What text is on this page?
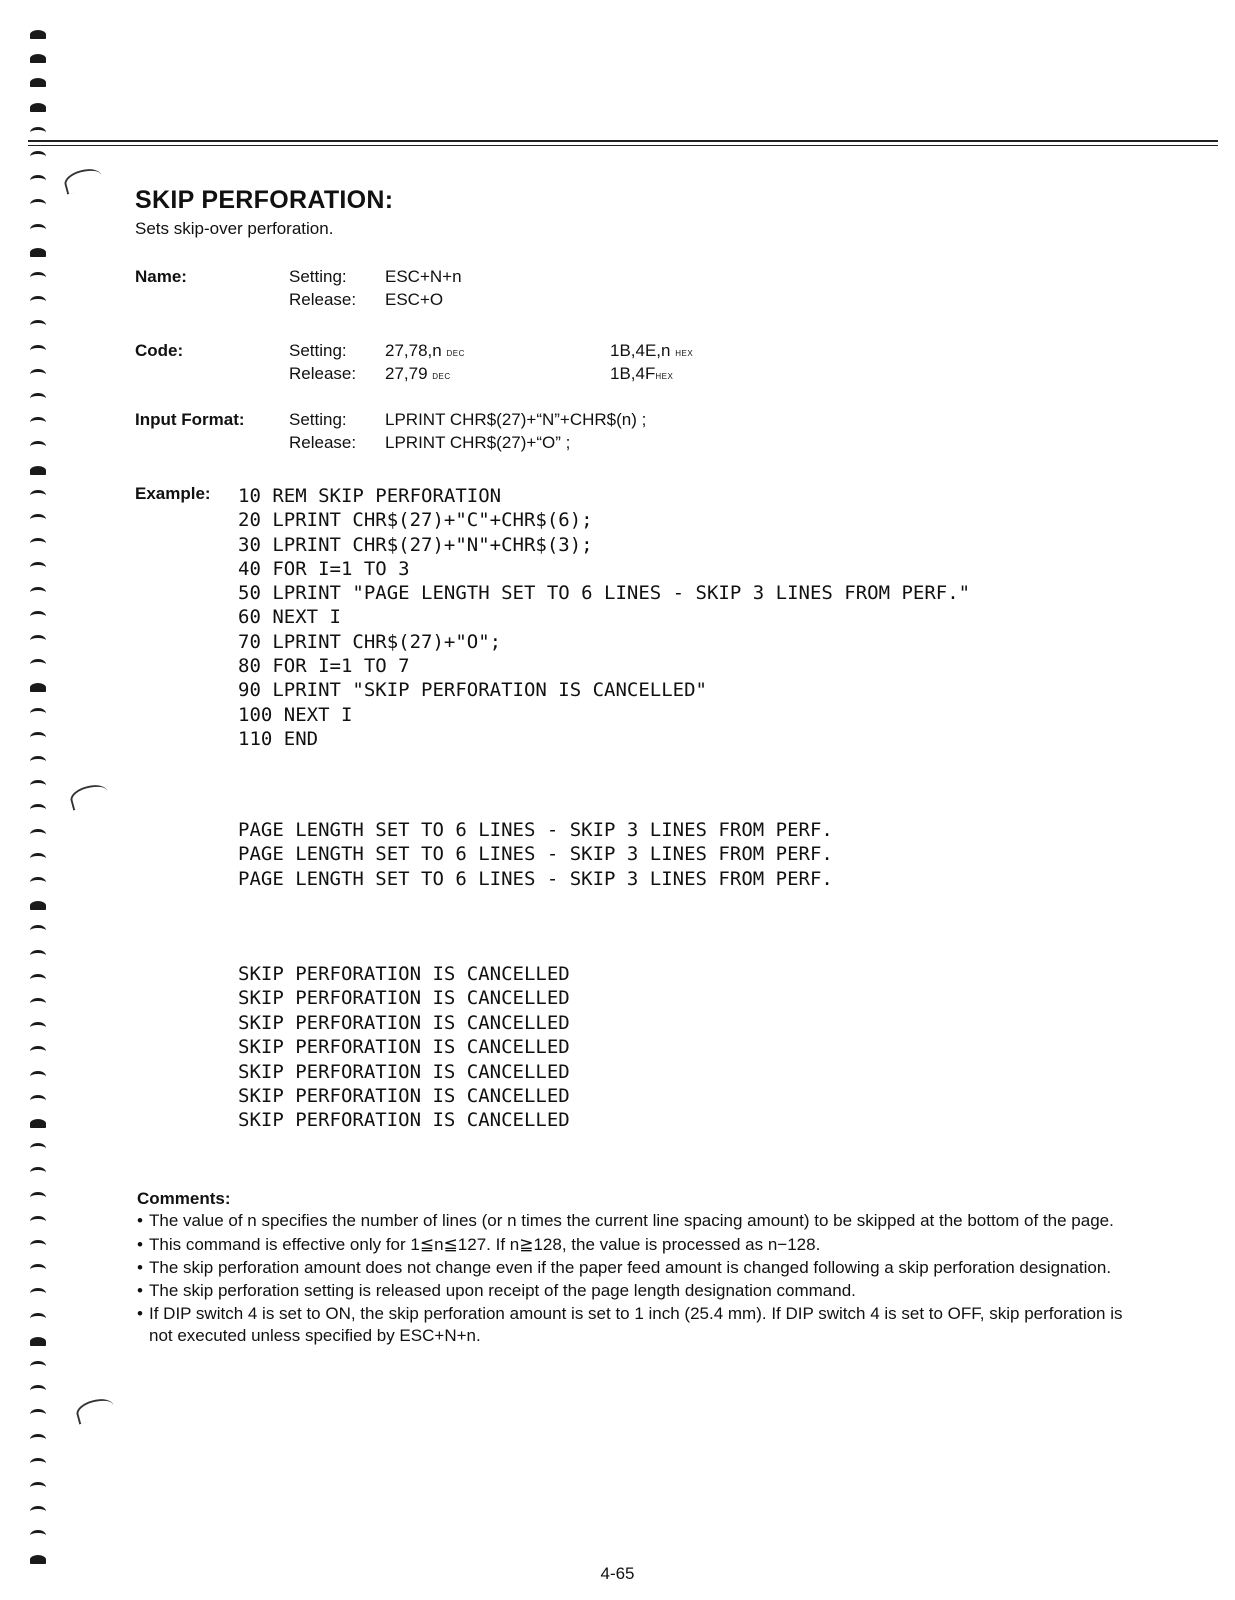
SKIP PERFORATION:
Sets skip-over perforation.
Name:	Setting: ESC+N+n
Release: ESC+O
Code:	Setting: 27,78,n DEC	1B,4E,n HEX
Release: 27,79 DEC	1B,4FHEX
Input Format:	Setting: LPRINT CHR$(27)+“N”+CHR$(n) ;
Release: LPRINT CHR$(27)+“O” ;
Example: 10 REM SKIP PERFORATION
20 LPRINT CHR$(27)+"C"+CHR$(6);
30 LPRINT CHR$(27)+"N"+CHR$(3);
40 FOR I=1 TO 3
50 LPRINT "PAGE LENGTH SET TO 6 LINES - SKIP 3 LINES FROM PERF."
60 NEXT I
70 LPRINT CHR$(27)+"O";
80 FOR I=1 TO 7
90 LPRINT "SKIP PERFORATION IS CANCELLED"
100 NEXT I
110 END
PAGE LENGTH SET TO 6 LINES - SKIP 3 LINES FROM PERF.
PAGE LENGTH SET TO 6 LINES - SKIP 3 LINES FROM PERF.
PAGE LENGTH SET TO 6 LINES - SKIP 3 LINES FROM PERF.
SKIP PERFORATION IS CANCELLED
SKIP PERFORATION IS CANCELLED
SKIP PERFORATION IS CANCELLED
SKIP PERFORATION IS CANCELLED
SKIP PERFORATION IS CANCELLED
SKIP PERFORATION IS CANCELLED
SKIP PERFORATION IS CANCELLED
Comments:
• The value of n specifies the number of lines (or n times the current line spacing amount) to be skipped at the bottom of the page.
• This command is effective only for 1≦n≦127. If n≧128, the value is processed as n−128.
• The skip perforation amount does not change even if the paper feed amount is changed following a skip perforation designation.
• The skip perforation setting is released upon receipt of the page length designation command.
• If DIP switch 4 is set to ON, the skip perforation amount is set to 1 inch (25.4 mm). If DIP switch 4 is set to OFF, skip perforation is not executed unless specified by ESC+N+n.
4-65
